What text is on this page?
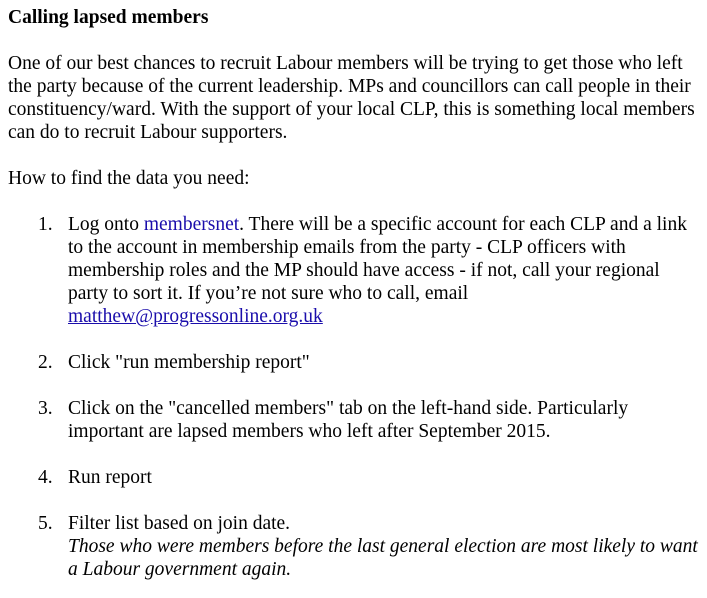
Calling lapsed members

One of our best chances to recruit Labour members will be trying to get those who left the party because of the current leadership. MPs and councillors can call people in their constituency/ward. With the support of your local CLP, this is something local members can do to recruit Labour supporters.

How to find the data you need:

1. Log onto membersnet. There will be a specific account for each CLP and a link to the account in membership emails from the party - CLP officers with membership roles and the MP should have access - if not, call your regional party to sort it. If you’re not sure who to call, email matthew@progressonline.org.uk
2. Click "run membership report"
3. Click on the "cancelled members" tab on the left-hand side. Particularly important are lapsed members who left after September 2015.
4. Run report
5. Filter list based on join date.
Those who were members before the last general election are most likely to want a Labour government again.
